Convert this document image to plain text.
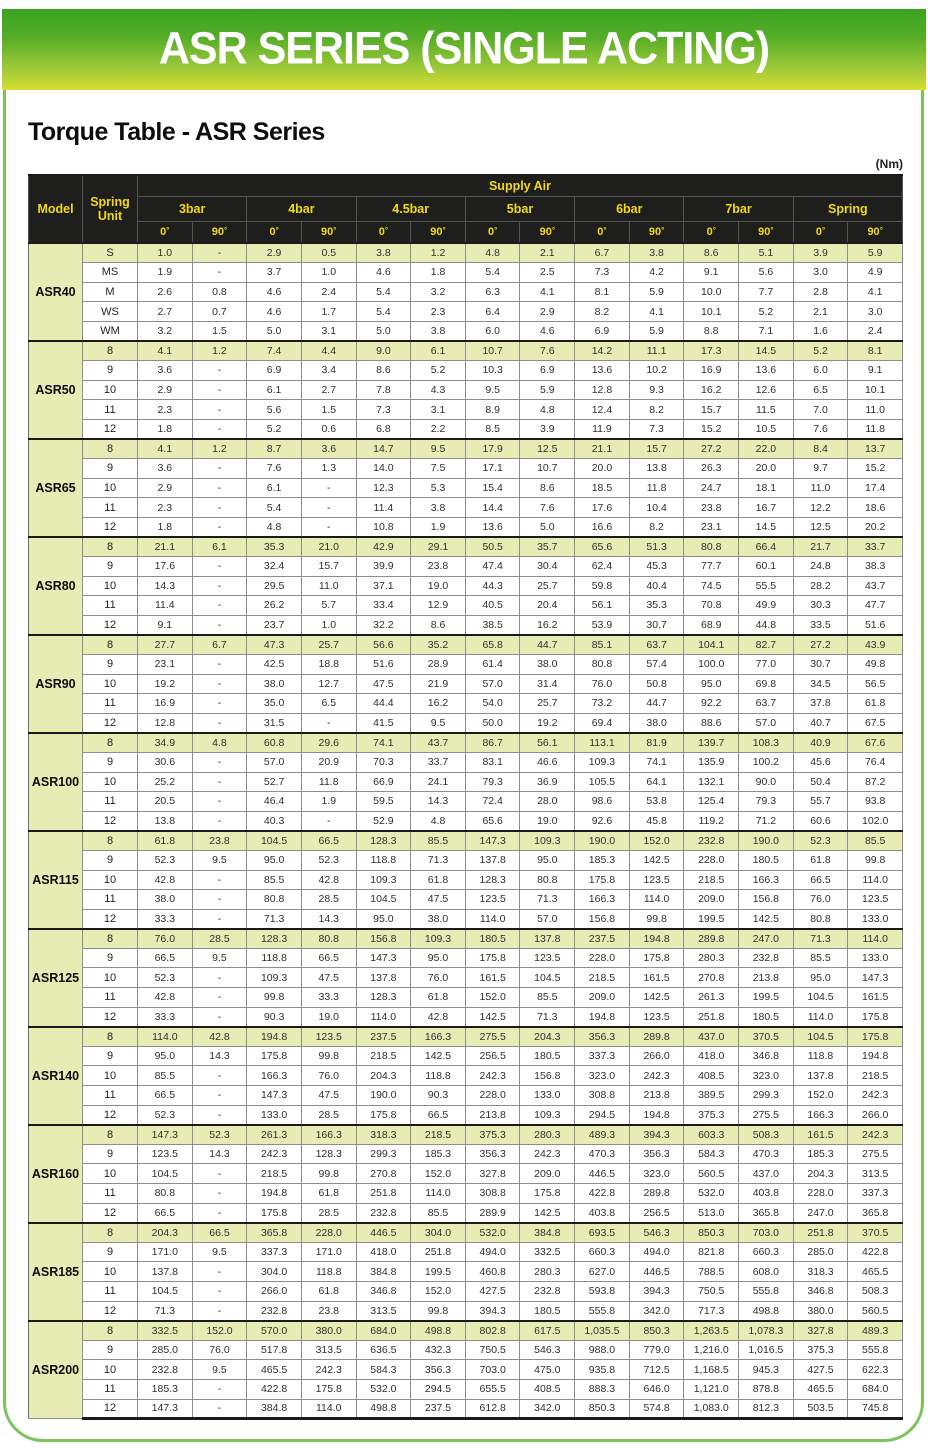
ASR SERIES (SINGLE ACTING)
Torque Table - ASR Series
(Nm)
Model	Spring Unit	Supply Air													
		3bar		4bar		4.5bar		5bar		6bar		7bar		Spring	
		0°	90°	0°	90°	0°	90°	0°	90°	0°	90°	0°	90°	0°	90°
ASR40	S	1.0	-	2.9	0.5	3.8	1.2	4.8	2.1	6.7	3.8	8.6	5.1	3.9	5.9
	MS	1.9	-	3.7	1.0	4.6	1.8	5.4	2.5	7.3	4.2	9.1	5.6	3.0	4.9
	M	2.6	0.8	4.6	2.4	5.4	3.2	6.3	4.1	8.1	5.9	10.0	7.7	2.8	4.1
	WS	2.7	0.7	4.6	1.7	5.4	2.3	6.4	2.9	8.2	4.1	10.1	5.2	2.1	3.0
	WM	3.2	1.5	5.0	3.1	5.0	3.8	6.0	4.6	6.9	5.9	8.8	7.1	1.6	2.4
ASR50	8	4.1	1.2	7.4	4.4	9.0	6.1	10.7	7.6	14.2	11.1	17.3	14.5	5.2	8.1
	9	3.6	-	6.9	3.4	8.6	5.2	10.3	6.9	13.6	10.2	16.9	13.6	6.0	9.1
	10	2.9	-	6.1	2.7	7.8	4.3	9.5	5.9	12.8	9.3	16.2	12.6	6.5	10.1
	11	2.3	-	5.6	1.5	7.3	3.1	8.9	4.8	12.4	8.2	15.7	11.5	7.0	11.0
	12	1.8	-	5.2	0.6	6.8	2.2	8.5	3.9	11.9	7.3	15.2	10.5	7.6	11.8
ASR65	8	4.1	1.2	8.7	3.6	14.7	9.5	17.9	12.5	21.1	15.7	27.2	22.0	8.4	13.7
	9	3.6	-	7.6	1.3	14.0	7.5	17.1	10.7	20.0	13.8	26.3	20.0	9.7	15.2
	10	2.9	-	6.1	-	12.3	5.3	15.4	8.6	18.5	11.8	24.7	18.1	11.0	17.4
	11	2.3	-	5.4	-	11.4	3.8	14.4	7.6	17.6	10.4	23.8	16.7	12.2	18.6
	12	1.8	-	4.8	-	10.8	1.9	13.6	5.0	16.6	8.2	23.1	14.5	12.5	20.2
ASR80	8	21.1	6.1	35.3	21.0	42.9	29.1	50.5	35.7	65.6	51.3	80.8	66.4	21.7	33.7
	9	17.6	-	32.4	15.7	39.9	23.8	47.4	30.4	62.4	45.3	77.7	60.1	24.8	38.3
	10	14.3	-	29.5	11.0	37.1	19.0	44.3	25.7	59.8	40.4	74.5	55.5	28.2	43.7
	11	11.4	-	26.2	5.7	33.4	12.9	40.5	20.4	56.1	35.3	70.8	49.9	30.3	47.7
	12	9.1	-	23.7	1.0	32.2	8.6	38.5	16.2	53.9	30.7	68.9	44.8	33.5	51.6
ASR90	8	27.7	6.7	47.3	25.7	56.6	35.2	65.8	44.7	85.1	63.7	104.1	82.7	27.2	43.9
	9	23.1	-	42.5	18.8	51.6	28.9	61.4	38.0	80.8	57.4	100.0	77.0	30.7	49.8
	10	19.2	-	38.0	12.7	47.5	21.9	57.0	31.4	76.0	50.8	95.0	69.8	34.5	56.5
	11	16.9	-	35.0	6.5	44.4	16.2	54.0	25.7	73.2	44.7	92.2	63.7	37.8	61.8
	12	12.8	-	31.5	-	41.5	9.5	50.0	19.2	69.4	38.0	88.6	57.0	40.7	67.5
ASR100	8	34.9	4.8	60.8	29.6	74.1	43.7	86.7	56.1	113.1	81.9	139.7	108.3	40.9	67.6
	9	30.6	-	57.0	20.9	70.3	33.7	83.1	46.6	109.3	74.1	135.9	100.2	45.6	76.4
	10	25.2	-	52.7	11.8	66.9	24.1	79.3	36.9	105.5	64.1	132.1	90.0	50.4	87.2
	11	20.5	-	46.4	1.9	59.5	14.3	72.4	28.0	98.6	53.8	125.4	79.3	55.7	93.8
	12	13.8	-	40.3	-	52.9	4.8	65.6	19.0	92.6	45.8	119.2	71.2	60.6	102.0
ASR115	8	61.8	23.8	104.5	66.5	128.3	85.5	147.3	109.3	190.0	152.0	232.8	190.0	52.3	85.5
	9	52.3	9.5	95.0	52.3	118.8	71.3	137.8	95.0	185.3	142.5	228.0	180.5	61.8	99.8
	10	42.8	-	85.5	42.8	109.3	61.8	128.3	80.8	175.8	123.5	218.5	166.3	66.5	114.0
	11	38.0	-	80.8	28.5	104.5	47.5	123.5	71.3	166.3	114.0	209.0	156.8	76.0	123.5
	12	33.3	-	71.3	14.3	95.0	38.0	114.0	57.0	156.8	99.8	199.5	142.5	80.8	133.0
ASR125	8	76.0	28.5	128.3	80.8	156.8	109.3	180.5	137.8	237.5	194.8	289.8	247.0	71.3	114.0
	9	66.5	9.5	118.8	66.5	147.3	95.0	175.8	123.5	228.0	175.8	280.3	232.8	85.5	133.0
	10	52.3	-	109.3	47.5	137.8	76.0	161.5	104.5	218.5	161.5	270.8	213.8	95.0	147.3
	11	42.8	-	99.8	33.3	128.3	61.8	152.0	85.5	209.0	142.5	261.3	199.5	104.5	161.5
	12	33.3	-	90.3	19.0	114.0	42.8	142.5	71.3	194.8	123.5	251.8	180.5	114.0	175.8
ASR140	8	114.0	42.8	194.8	123.5	237.5	166.3	275.5	204.3	356.3	289.8	437.0	370.5	104.5	175.8
	9	95.0	14.3	175.8	99.8	218.5	142.5	256.5	180.5	337.3	266.0	418.0	346.8	118.8	194.8
	10	85.5	-	166.3	76.0	204.3	118.8	242.3	156.8	323.0	242.3	408.5	323.0	137.8	218.5
	11	66.5	-	147.3	47.5	190.0	90.3	228.0	133.0	308.8	213.8	389.5	299.3	152.0	242.3
	12	52.3	-	133.0	28.5	175.8	66.5	213.8	109.3	294.5	194.8	375.3	275.5	166.3	266.0
ASR160	8	147.3	52.3	261.3	166.3	318.3	218.5	375.3	280.3	489.3	394.3	603.3	508.3	161.5	242.3
	9	123.5	14.3	242.3	128.3	299.3	185.3	356.3	242.3	470.3	356.3	584.3	470.3	185.3	275.5
	10	104.5	-	218.5	99.8	270.8	152.0	327.8	209.0	446.5	323.0	560.5	437.0	204.3	313.5
	11	80.8	-	194.8	61.8	251.8	114.0	308.8	175.8	422.8	289.8	532.0	403.8	228.0	337.3
	12	66.5	-	175.8	28.5	232.8	85.5	289.9	142.5	403.8	256.5	513.0	365.8	247.0	365.8
ASR185	8	204.3	66.5	365.8	228.0	446.5	304.0	532.0	384.8	693.5	546.3	850.3	703.0	251.8	370.5
	9	171.0	9.5	337.3	171.0	418.0	251.8	494.0	332.5	660.3	494.0	821.8	660.3	285.0	422.8
	10	137.8	-	304.0	118.8	384.8	199.5	460.8	280.3	627.0	446.5	788.5	608.0	318.3	465.5
	11	104.5	-	266.0	61.8	346.8	152.0	427.5	232.8	593.8	394.3	750.5	555.8	346.8	508.3
	12	71.3	-	232.8	23.8	313.5	99.8	394.3	180.5	555.8	342.0	717.3	498.8	380.0	560.5
ASR200	8	332.5	152.0	570.0	380.0	684.0	498.8	802.8	617.5	1,035.5	850.3	1,263.5	1,078.3	327.8	489.3
	9	285.0	76.0	517.8	313.5	636.5	432.3	750.5	546.3	988.0	779.0	1,216.0	1,016.5	375.3	555.8
	10	232.8	9.5	465.5	242.3	584.3	356.3	703.0	475.0	935.8	712.5	1,168.5	945.3	427.5	622.3
	11	185.3	-	422.8	175.8	532.0	294.5	655.5	408.5	888.3	646.0	1,121.0	878.8	465.5	684.0
	12	147.3	-	384.8	114.0	498.8	237.5	612.8	342.0	850.3	574.8	1,083.0	812.3	503.5	745.8
